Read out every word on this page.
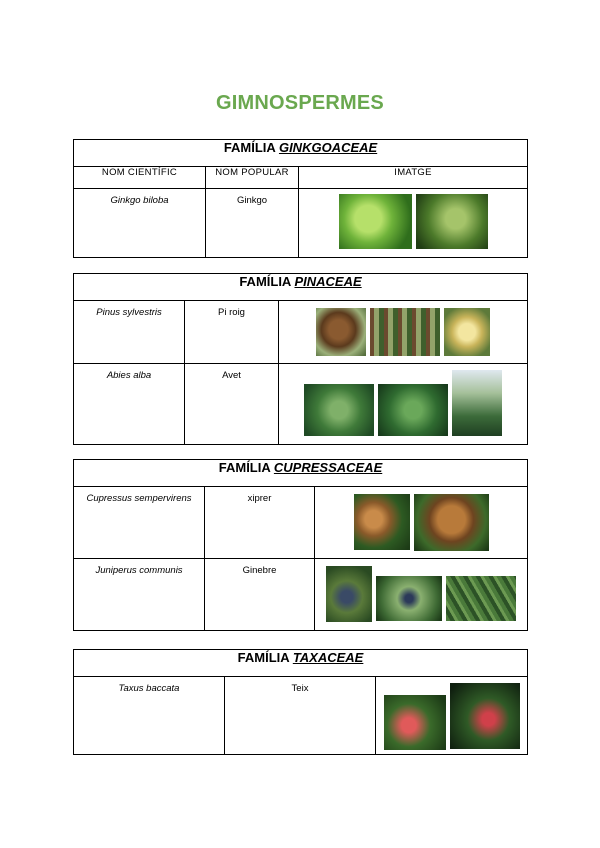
GIMNOSPERMES
FAMÍLIA GINKGOACEAE		
NOM CIENTÍFIC	NOM POPULAR	IMATGE
Ginkgo biloba	Ginkgo	
FAMÍLIA PINACEAE		
Pinus sylvestris	Pi roig	

Abies alba	Avet	
FAMÍLIA CUPRESSACEAE		
Cupressus sempervirens	xiprer	

Juniperus communis	Ginebre	
FAMÍLIA TAXACEAE
Taxus baccata	Teix	
